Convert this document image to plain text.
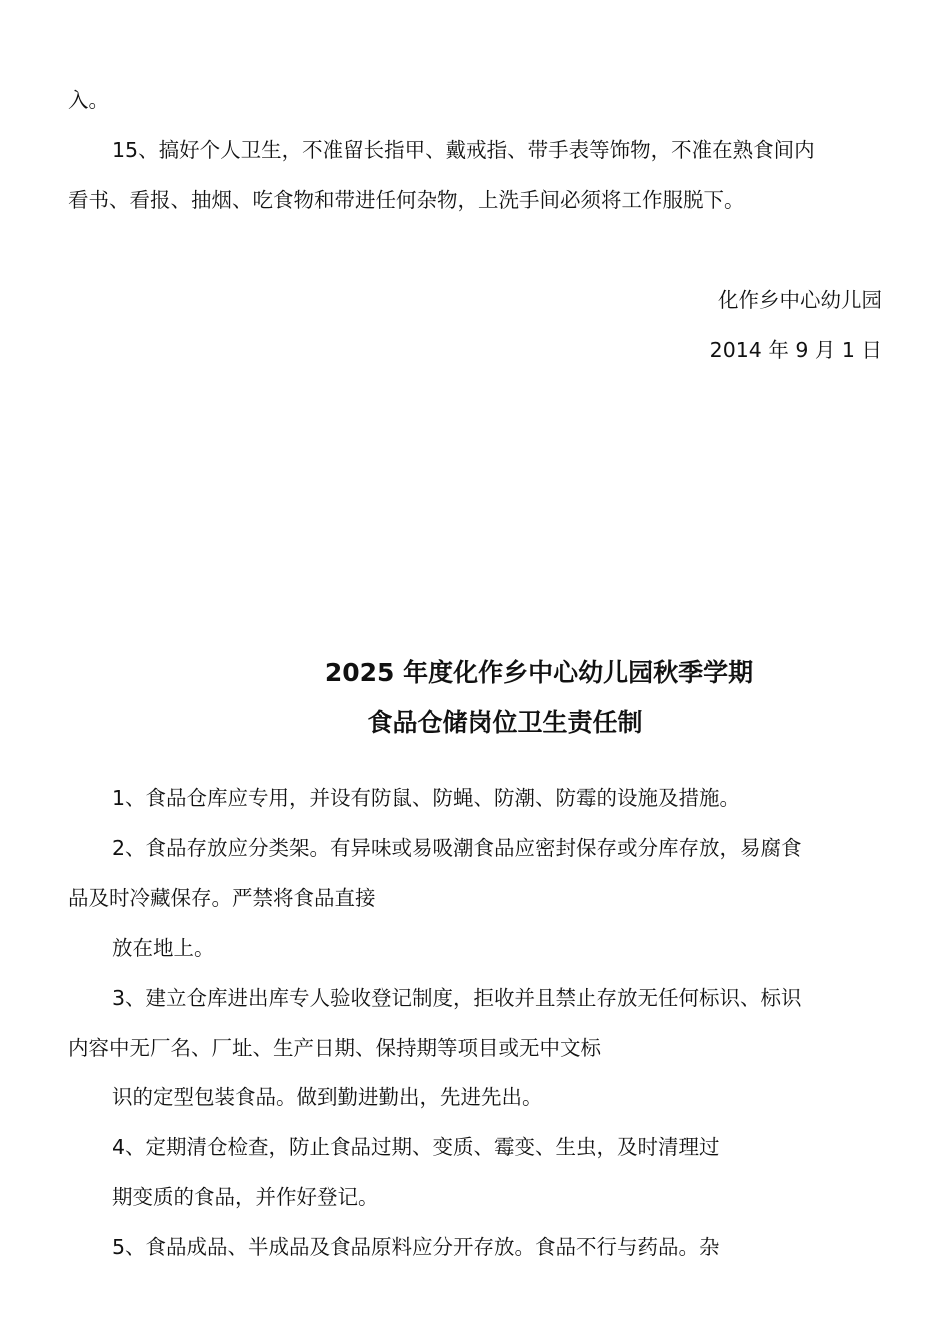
入。
15、搞好个人卫生，不准留长指甲、戴戒指、带手表等饰物，不准在熟食间内
看书、看报、抽烟、吃食物和带进任何杂物，上洗手间必须将工作服脱下。
化作乡中心幼儿园
2014 年 9 月 1 日
2025 年度化作乡中心幼儿园秋季学期
食品仓储岗位卫生责任制
1、食品仓库应专用，并设有防鼠、防蝇、防潮、防霉的设施及措施。
2、食品存放应分类架。有异味或易吸潮食品应密封保存或分库存放，易腐食
品及时冷藏保存。严禁将食品直接
放在地上。
3、建立仓库进出库专人验收登记制度，拒收并且禁止存放无任何标识、标识
内容中无厂名、厂址、生产日期、保持期等项目或无中文标
识的定型包装食品。做到勤进勤出，先进先出。
4、定期清仓检查，防止食品过期、变质、霉变、生虫，及时清理过
期变质的食品，并作好登记。
5、食品成品、半成品及食品原料应分开存放。食品不行与药品。杂
